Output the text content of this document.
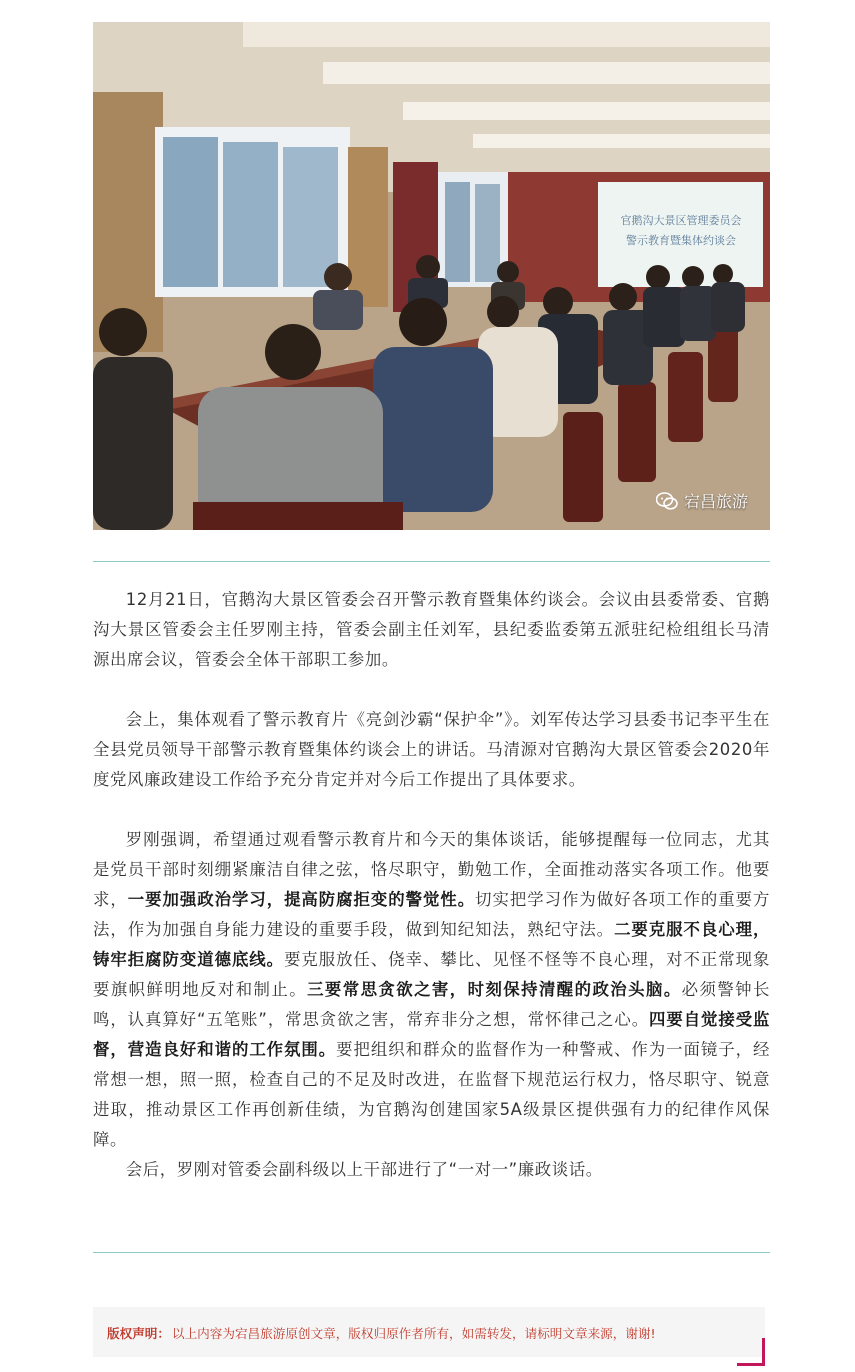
官鹅沟大景区管理委员会
警示教育暨集体约谈会
宕昌旅游

12月21日，官鹅沟大景区管委会召开警示教育暨集体约谈会。会议由县委常委、官鹅沟大景区管委会主任罗刚主持，管委会副主任刘军，县纪委监委第五派驻纪检组组长马清源出席会议，管委会全体干部职工参加。

会上，集体观看了警示教育片《亮剑沙霸“保护伞”》。刘军传达学习县委书记李平生在全县党员领导干部警示教育暨集体约谈会上的讲话。马清源对官鹅沟大景区管委会2020年度党风廉政建设工作给予充分肯定并对今后工作提出了具体要求。

罗刚强调，希望通过观看警示教育片和今天的集体谈话，能够提醒每一位同志，尤其是党员干部时刻绷紧廉洁自律之弦，恪尽职守，勤勉工作，全面推动落实各项工作。他要求，一要加强政治学习，提高防腐拒变的警觉性。切实把学习作为做好各项工作的重要方法，作为加强自身能力建设的重要手段，做到知纪知法，熟纪守法。二要克服不良心理，铸牢拒腐防变道德底线。要克服放任、侥幸、攀比、见怪不怪等不良心理，对不正常现象要旗帜鲜明地反对和制止。三要常思贪欲之害，时刻保持清醒的政治头脑。必须警钟长鸣，认真算好“五笔账”，常思贪欲之害，常弃非分之想，常怀律己之心。四要自觉接受监督，营造良好和谐的工作氛围。要把组织和群众的监督作为一种警戒、作为一面镜子，经常想一想，照一照，检查自己的不足及时改进，在监督下规范运行权力，恪尽职守、锐意进取，推动景区工作再创新佳绩，为官鹅沟创建国家5A级景区提供强有力的纪律作风保障。

会后，罗刚对管委会副科级以上干部进行了“一对一”廉政谈话。

版权声明： 以上内容为宕昌旅游原创文章，版权归原作者所有，如需转发，请标明文章来源，谢谢!
